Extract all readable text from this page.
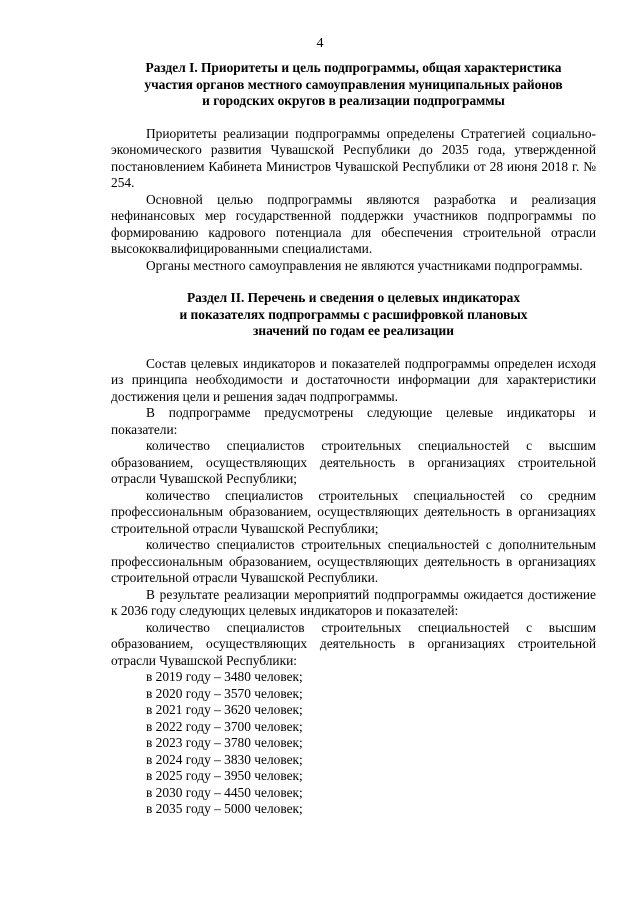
4
Раздел I. Приоритеты и цель подпрограммы, общая характеристика
участия органов местного самоуправления муниципальных районов
и городских округов в реализации подпрограммы

Приоритеты реализации подпрограммы определены Стратегией социально-экономического развития Чувашской Республики до 2035 года, утвержденной постановлением Кабинета Министров Чувашской Республики от 28 июня 2018 г. № 254.

Основной целью подпрограммы являются разработка и реализация нефинансовых мер государственной поддержки участников подпрограммы по формированию кадрового потенциала для обеспечения строительной отрасли высококвалифицированными специалистами.

Органы местного самоуправления не являются участниками подпрограммы.

Раздел II. Перечень и сведения о целевых индикаторах
и показателях подпрограммы с расшифровкой плановых
значений по годам ее реализации

Состав целевых индикаторов и показателей подпрограммы определен исходя из принципа необходимости и достаточности информации для характеристики достижения цели и решения задач подпрограммы.

В подпрограмме предусмотрены следующие целевые индикаторы и показатели:

количество специалистов строительных специальностей с высшим образованием, осуществляющих деятельность в организациях строительной отрасли Чувашской Республики;

количество специалистов строительных специальностей со средним профессиональным образованием, осуществляющих деятельность в организациях строительной отрасли Чувашской Республики;

количество специалистов строительных специальностей с дополнительным профессиональным образованием, осуществляющих деятельность в организациях строительной отрасли Чувашской Республики.

В результате реализации мероприятий подпрограммы ожидается достижение к 2036 году следующих целевых индикаторов и показателей:

количество специалистов строительных специальностей с высшим образованием, осуществляющих деятельность в организациях строительной отрасли Чувашской Республики:

в 2019 году – 3480 человек;

в 2020 году – 3570 человек;

в 2021 году – 3620 человек;

в 2022 году – 3700 человек;

в 2023 году – 3780 человек;

в 2024 году – 3830 человек;

в 2025 году – 3950 человек;

в 2030 году – 4450 человек;

в 2035 году – 5000 человек;
